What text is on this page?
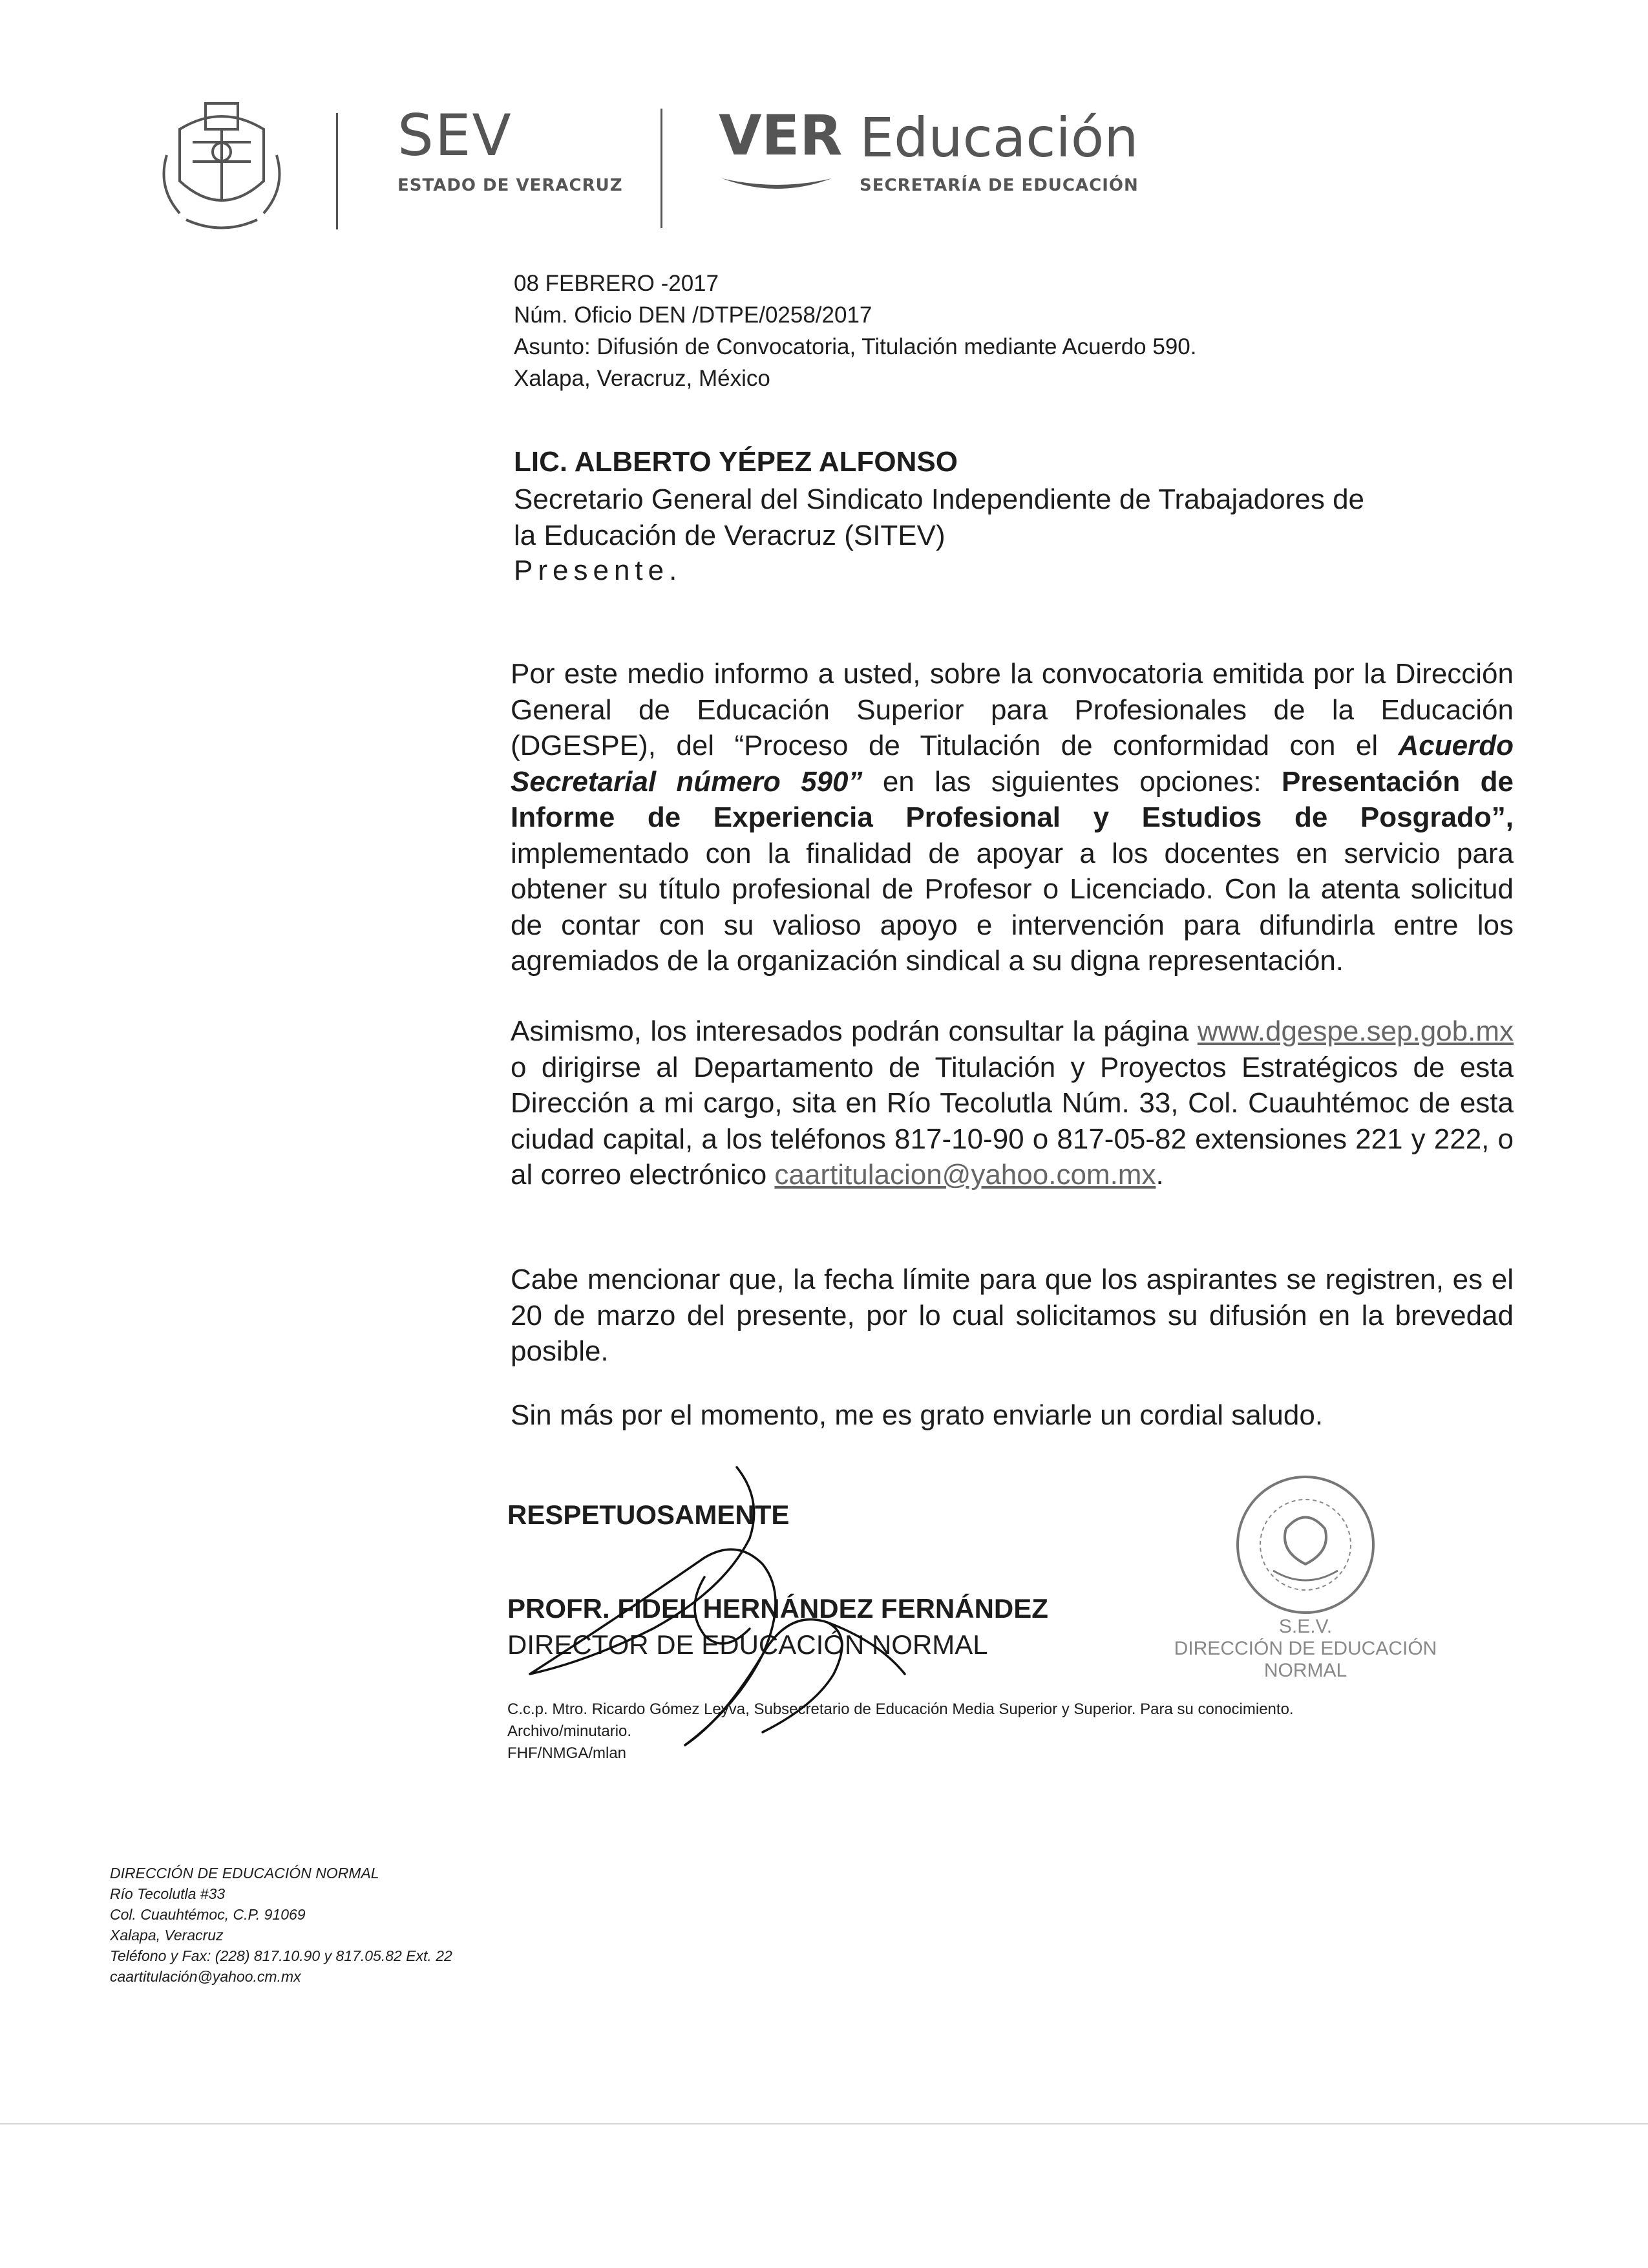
SEV
ESTADO DE VERACRUZ
VER Educación
SECRETARÍA DE EDUCACIÓN
08 FEBRERO -2017
Núm. Oficio DEN /DTPE/0258/2017
Asunto: Difusión de Convocatoria, Titulación mediante Acuerdo 590.
Xalapa, Veracruz, México
LIC. ALBERTO YÉPEZ ALFONSO
Secretario General del Sindicato Independiente de Trabajadores de
la Educación de Veracruz (SITEV)
Presente.
Por este medio informo a usted, sobre la convocatoria emitida por la Dirección General de Educación Superior para Profesionales de la Educación (DGESPE), del “Proceso de Titulación de conformidad con el Acuerdo Secretarial número 590” en las siguientes opciones: Presentación de Informe de Experiencia Profesional y Estudios de Posgrado”, implementado con la finalidad de apoyar a los docentes en servicio para obtener su título profesional de Profesor o Licenciado. Con la atenta solicitud de contar con su valioso apoyo e intervención para difundirla entre los agremiados de la organización sindical a su digna representación.
Asimismo, los interesados podrán consultar la página www.dgespe.sep.gob.mx o dirigirse al Departamento de Titulación y Proyectos Estratégicos de esta Dirección a mi cargo, sita en Río Tecolutla Núm. 33, Col. Cuauhtémoc de esta ciudad capital, a los teléfonos 817-10-90 o 817-05-82 extensiones 221 y 222, o al correo electrónico caartitulacion@yahoo.com.mx.
Cabe mencionar que, la fecha límite para que los aspirantes se registren, es el 20 de marzo del presente, por lo cual solicitamos su difusión en la brevedad posible.
Sin más por el momento, me es grato enviarle un cordial saludo.
RESPETUOSAMENTE
PROFR. FIDEL HERNÁNDEZ FERNÁNDEZ
DIRECTOR DE EDUCACIÓN NORMAL
S.E.V.
DIRECCIÓN DE EDUCACIÓN
NORMAL
C.c.p. Mtro. Ricardo Gómez Leyva, Subsecretario de Educación Media Superior y Superior. Para su conocimiento.
Archivo/minutario.
FHF/NMGA/mlan
DIRECCIÓN DE EDUCACIÓN NORMAL
Río Tecolutla #33
Col. Cuauhtémoc, C.P. 91069
Xalapa, Veracruz
Teléfono y Fax: (228) 817.10.90 y 817.05.82 Ext. 22
caartitulación@yahoo.cm.mx
